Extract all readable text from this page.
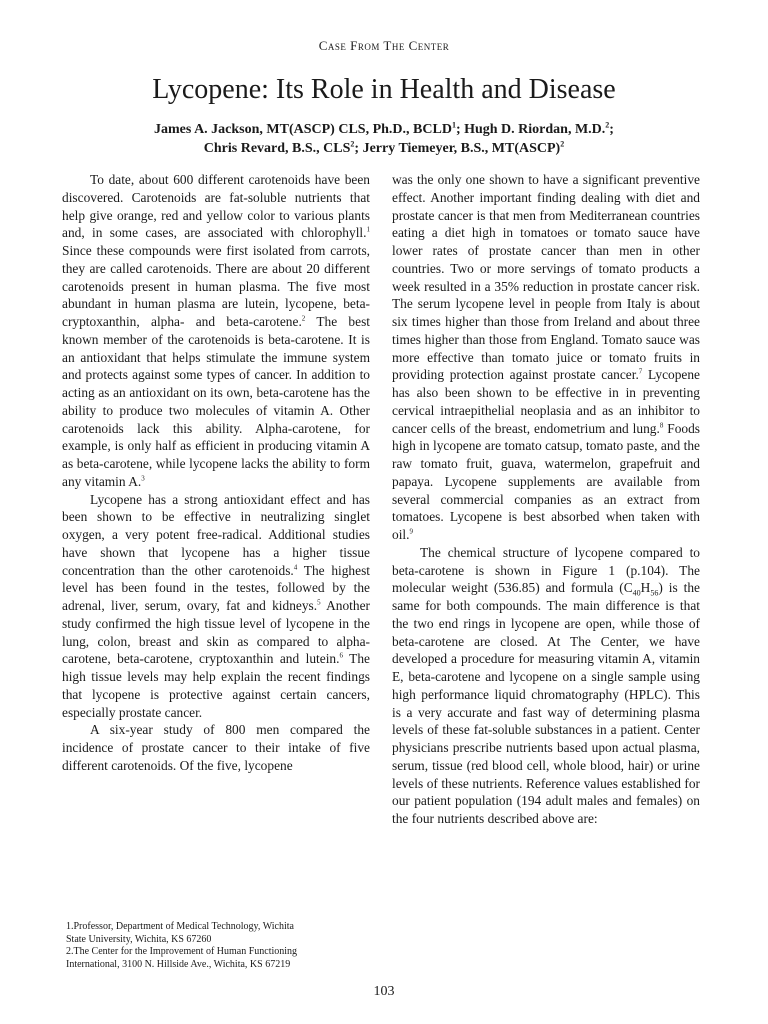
Case From The Center
Lycopene: Its Role in Health and Disease
James A. Jackson, MT(ASCP) CLS, Ph.D., BCLD$^1$; Hugh D. Riordan, M.D.$^2$;
Chris Revard, B.S., CLS$^2$; Jerry Tiemeyer, B.S., MT(ASCP)$^2$

To date, about 600 different carotenoids have been discovered. Carotenoids are fat-soluble nutrients that help give orange, red and yellow color to various plants and, in some cases, are associated with chlorophyll.$^1$ Since these compounds were first isolated from carrots, they are called carotenoids. There are about 20 different carotenoids present in human plasma. The five most abundant in human plasma are lutein, lycopene, beta-cryptoxanthin, alpha- and beta-carotene.$^2$ The best known member of the carotenoids is beta-carotene. It is an antioxidant that helps stimulate the immune system and protects against some types of cancer. In addition to acting as an antioxidant on its own, beta-carotene has the ability to produce two molecules of vitamin A. Other carotenoids lack this ability. Alpha-carotene, for example, is only half as efficient in producing vitamin A as beta-carotene, while lycopene lacks the ability to form any vitamin A.$^3$

Lycopene has a strong antioxidant effect and has been shown to be effective in neutralizing singlet oxygen, a very potent free-radical. Additional studies have shown that lycopene has a higher tissue concentration than the other carotenoids.$^4$ The highest level has been found in the testes, followed by the adrenal, liver, serum, ovary, fat and kidneys.$^5$ Another study confirmed the high tissue level of lycopene in the lung, colon, breast and skin as compared to alpha-carotene, beta-carotene, cryptoxanthin and lutein.$^6$ The high tissue levels may help explain the recent findings that lycopene is protective against certain cancers, especially prostate cancer.

A six-year study of 800 men compared the incidence of prostate cancer to their intake of five different carotenoids. Of the five, lycopene

was the only one shown to have a significant preventive effect. Another important finding dealing with diet and prostate cancer is that men from Mediterranean countries eating a diet high in tomatoes or tomato sauce have lower rates of prostate cancer than men in other countries. Two or more servings of tomato products a week resulted in a 35% reduction in prostate cancer risk. The serum lycopene level in people from Italy is about six times higher than those from Ireland and about three times higher than those from England. Tomato sauce was more effective than tomato juice or tomato fruits in providing protection against prostate cancer.$^7$ Lycopene has also been shown to be effective in in preventing cervical intraepithelial neoplasia and as an inhibitor to cancer cells of the breast, endometrium and lung.$^8$ Foods high in lycopene are tomato catsup, tomato paste, and the raw tomato fruit, guava, watermelon, grapefruit and papaya. Lycopene supplements are available from several commercial companies as an extract from tomatoes. Lycopene is best absorbed when taken with oil.$^9$

The chemical structure of lycopene compared to beta-carotene is shown in Figure 1 (p.104). The molecular weight (536.85) and formula $(C_{40}H_{56})$ is the same for both compounds. The main difference is that the two end rings in lycopene are open, while those of beta-carotene are closed. At The Center, we have developed a procedure for measuring vitamin A, vitamin E, beta-carotene and lycopene on a single sample using high performance liquid chromatography (HPLC). This is a very accurate and fast way of determining plasma levels of these fat-soluble substances in a patient. Center physicians prescribe nutrients based upon actual plasma, serum, tissue (red blood cell, whole blood, hair) or urine levels of these nutrients. Reference values established for our patient population (194 adult males and females) on the four nutrients described above are:

1.Professor, Department of Medical Technology, Wichita
State University, Wichita, KS 67260
2.The Center for the Improvement of Human Functioning
International, 3100 N. Hillside Ave., Wichita, KS 67219
103
